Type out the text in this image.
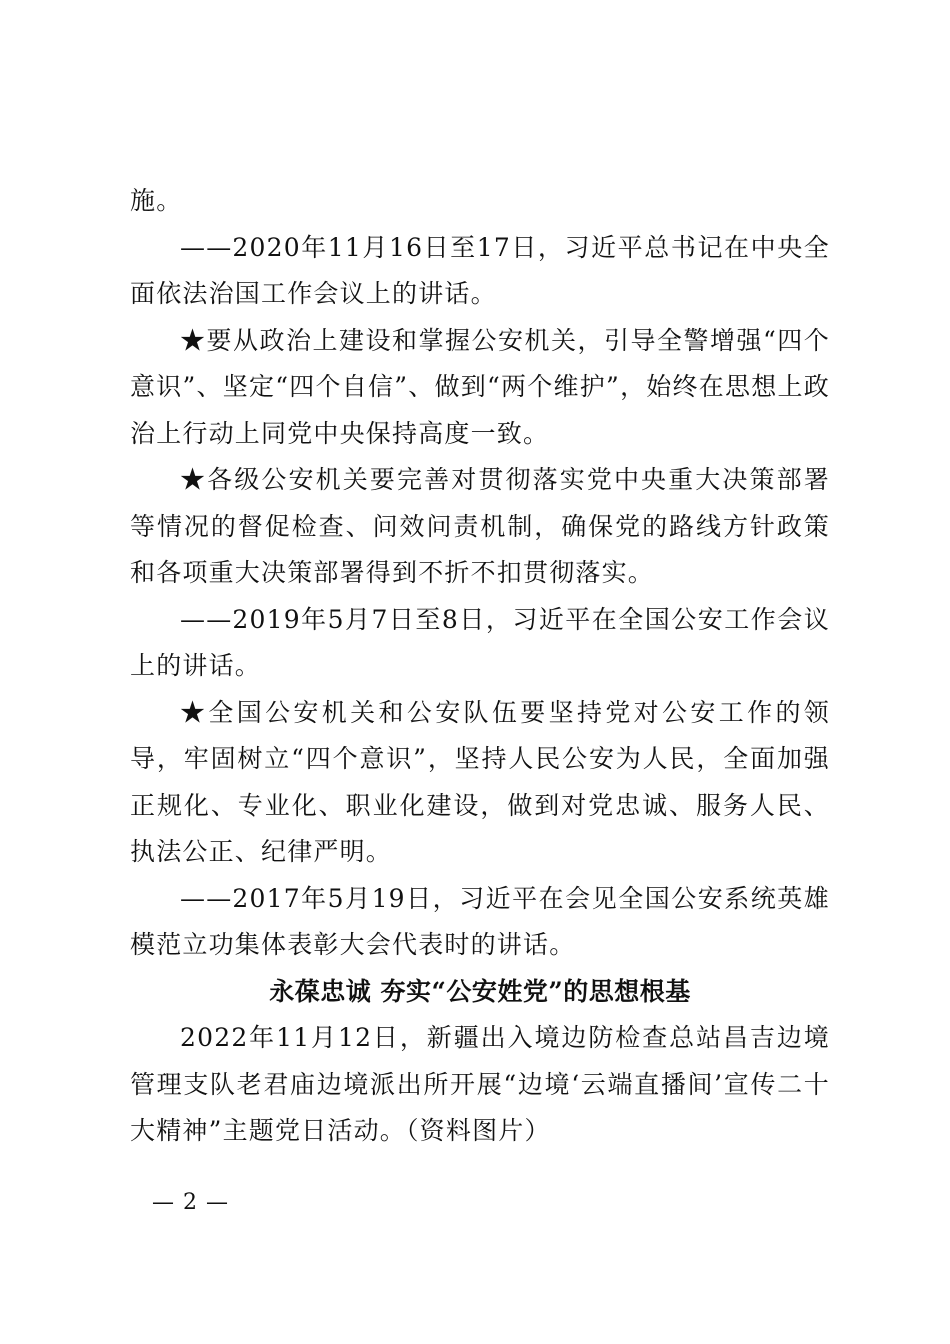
施。

——2020年11月16日至17日，习近平总书记在中央全面依法治国工作会议上的讲话。

★要从政治上建设和掌握公安机关，引导全警增强“四个意识”、坚定“四个自信”、做到“两个维护”，始终在思想上政治上行动上同党中央保持高度一致。

★各级公安机关要完善对贯彻落实党中央重大决策部署等情况的督促检查、问效问责机制，确保党的路线方针政策和各项重大决策部署得到不折不扣贯彻落实。

——2019年5月7日至8日，习近平在全国公安工作会议上的讲话。

★全国公安机关和公安队伍要坚持党对公安工作的领导，牢固树立“四个意识”，坚持人民公安为人民，全面加强正规化、专业化、职业化建设，做到对党忠诚、服务人民、执法公正、纪律严明。

——2017年5月19日，习近平在会见全国公安系统英雄模范立功集体表彰大会代表时的讲话。

永葆忠诚 夯实“公安姓党”的思想根基

2022年11月12日，新疆出入境边防检查总站昌吉边境管理支队老君庙边境派出所开展“边境‘云端直播间’宣传二十大精神”主题党日活动。（资料图片）

— 2 —
